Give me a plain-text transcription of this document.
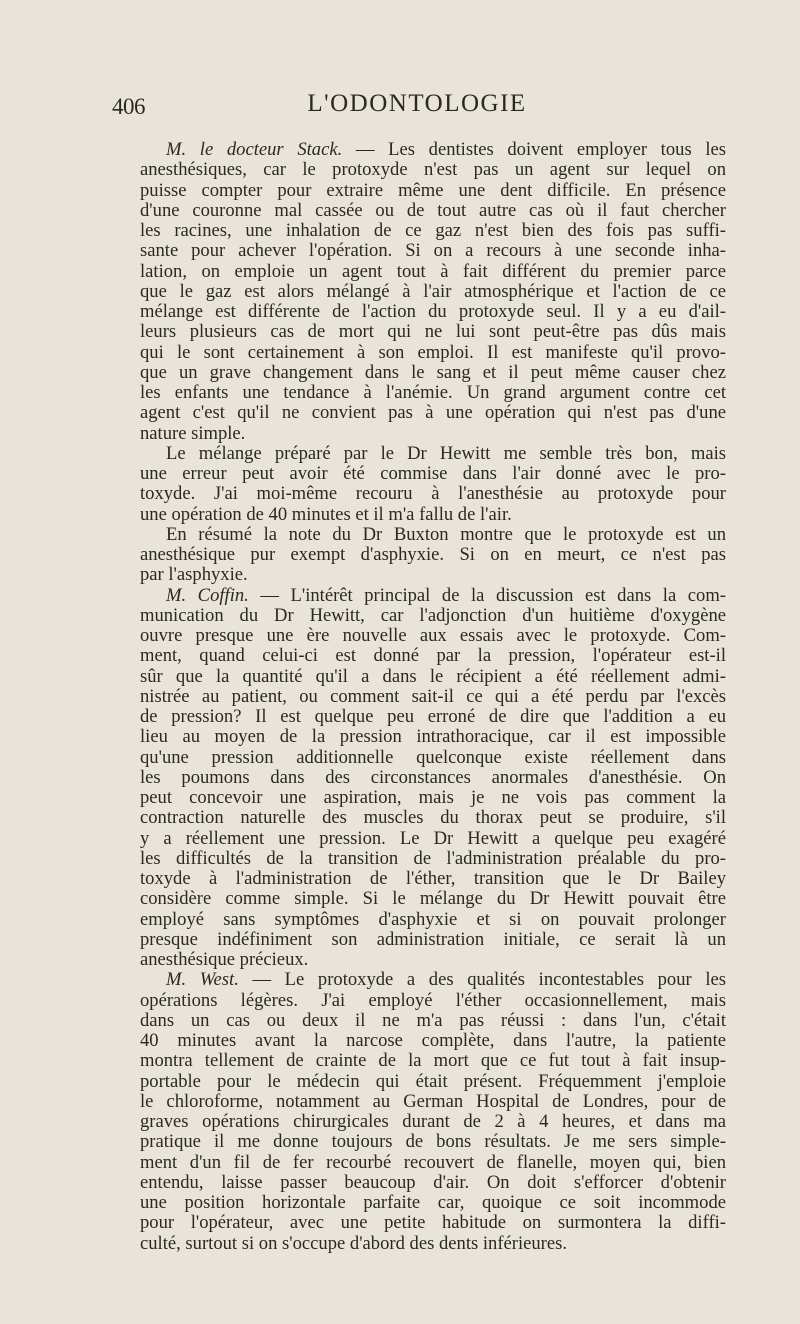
406	L'ODONTOLOGIE
M. le docteur Stack. — Les dentistes doivent employer tous les
anesthésiques, car le protoxyde n'est pas un agent sur lequel on
puisse compter pour extraire même une dent difficile. En présence
d'une couronne mal cassée ou de tout autre cas où il faut chercher
les racines, une inhalation de ce gaz n'est bien des fois pas suffi-
sante pour achever l'opération. Si on a recours à une seconde inha-
lation, on emploie un agent tout à fait différent du premier parce
que le gaz est alors mélangé à l'air atmosphérique et l'action de ce
mélange est différente de l'action du protoxyde seul. Il y a eu d'ail-
leurs plusieurs cas de mort qui ne lui sont peut-être pas dûs mais
qui le sont certainement à son emploi. Il est manifeste qu'il provo-
que un grave changement dans le sang et il peut même causer chez
les enfants une tendance à l'anémie. Un grand argument contre cet
agent c'est qu'il ne convient pas à une opération qui n'est pas d'une
nature simple.
Le mélange préparé par le Dr Hewitt me semble très bon, mais
une erreur peut avoir été commise dans l'air donné avec le pro-
toxyde. J'ai moi-même recouru à l'anesthésie au protoxyde pour
une opération de 40 minutes et il m'a fallu de l'air.
En résumé la note du Dr Buxton montre que le protoxyde est un
anesthésique pur exempt d'asphyxie. Si on en meurt, ce n'est pas
par l'asphyxie.
M. Coffin. — L'intérêt principal de la discussion est dans la com-
munication du Dr Hewitt, car l'adjonction d'un huitième d'oxygène
ouvre presque une ère nouvelle aux essais avec le protoxyde. Com-
ment, quand celui-ci est donné par la pression, l'opérateur est-il
sûr que la quantité qu'il a dans le récipient a été réellement admi-
nistrée au patient, ou comment sait-il ce qui a été perdu par l'excès
de pression? Il est quelque peu erroné de dire que l'addition a eu
lieu au moyen de la pression intrathoracique, car il est impossible
qu'une pression additionnelle quelconque existe réellement dans
les poumons dans des circonstances anormales d'anesthésie. On
peut concevoir une aspiration, mais je ne vois pas comment la
contraction naturelle des muscles du thorax peut se produire, s'il
y a réellement une pression. Le Dr Hewitt a quelque peu exagéré
les difficultés de la transition de l'administration préalable du pro-
toxyde à l'administration de l'éther, transition que le Dr Bailey
considère comme simple. Si le mélange du Dr Hewitt pouvait être
employé sans symptômes d'asphyxie et si on pouvait prolonger
presque indéfiniment son administration initiale, ce serait là un
anesthésique précieux.
M. West. — Le protoxyde a des qualités incontestables pour les
opérations légères. J'ai employé l'éther occasionnellement, mais
dans un cas ou deux il ne m'a pas réussi : dans l'un, c'était
40 minutes avant la narcose complète, dans l'autre, la patiente
montra tellement de crainte de la mort que ce fut tout à fait insup-
portable pour le médecin qui était présent. Fréquemment j'emploie
le chloroforme, notamment au German Hospital de Londres, pour de
graves opérations chirurgicales durant de 2 à 4 heures, et dans ma
pratique il me donne toujours de bons résultats. Je me sers simple-
ment d'un fil de fer recourbé recouvert de flanelle, moyen qui, bien
entendu, laisse passer beaucoup d'air. On doit s'efforcer d'obtenir
une position horizontale parfaite car, quoique ce soit incommode
pour l'opérateur, avec une petite habitude on surmontera la diffi-
culté, surtout si on s'occupe d'abord des dents inférieures.
